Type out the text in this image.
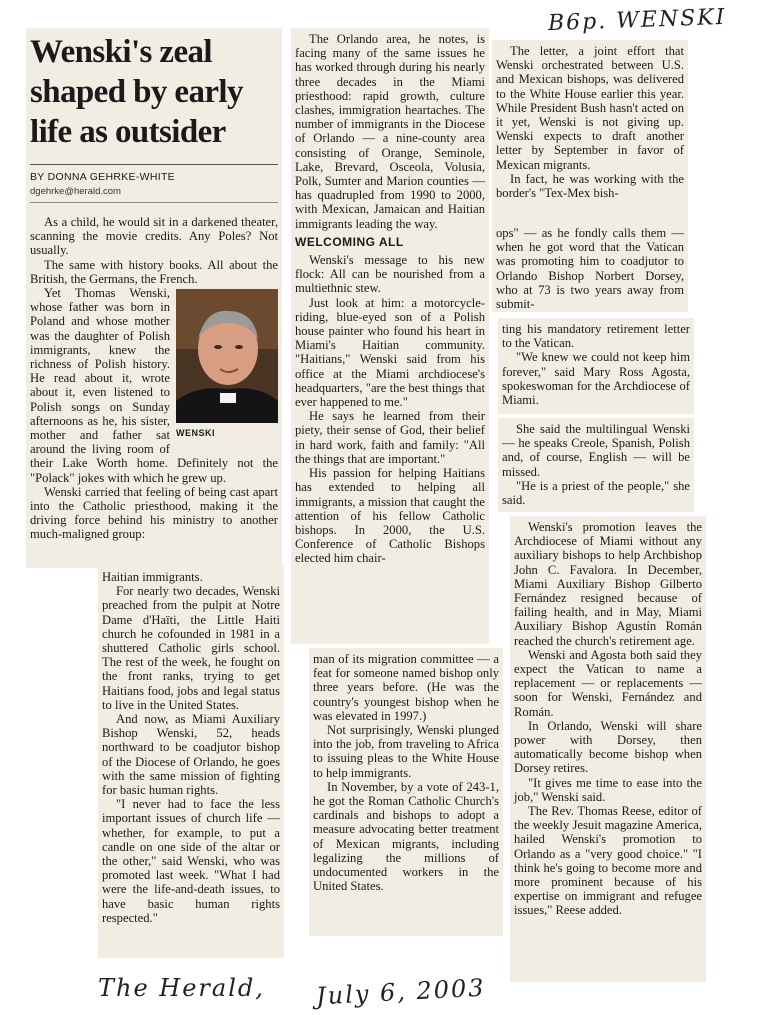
B6p. WENSKI
Wenski's zeal shaped by early life as outsider
BY DONNA GEHRKE-WHITE
dgehrke@herald.com

As a child, he would sit in a darkened theater, scanning the movie credits. Any Poles? Not usually.

The same with history books. All about the British, the Germans, the French.

WENSKI

Yet Thomas Wenski, whose father was born in Poland and whose mother was the daughter of Polish immigrants, knew the richness of Polish history. He read about it, wrote about it, even listened to Polish songs on Sunday afternoons as he, his sister, mother and father sat around the living room of their Lake Worth home. Definitely not the "Polack" jokes with which he grew up.

Wenski carried that feeling of being cast apart into the Catholic priesthood, making it the driving force behind his ministry to another much-maligned group:

Haitian immigrants.

For nearly two decades, Wenski preached from the pulpit at Notre Dame d'Haïti, the Little Haiti church he cofounded in 1981 in a shuttered Catholic girls school. The rest of the week, he fought on the front ranks, trying to get Haitians food, jobs and legal status to live in the United States.

And now, as Miami Auxiliary Bishop Wenski, 52, heads northward to be coadjutor bishop of the Diocese of Orlando, he goes with the same mission of fighting for basic human rights.

"I never had to face the less important issues of church life — whether, for example, to put a candle on one side of the altar or the other," said Wenski, who was promoted last week. "What I had were the life-and-death issues, to have basic human rights respected."

The Orlando area, he notes, is facing many of the same issues he has worked through during his nearly three decades in the Miami priesthood: rapid growth, culture clashes, immigration heartaches. The number of immigrants in the Diocese of Orlando — a nine-county area consisting of Orange, Seminole, Lake, Brevard, Osceola, Volusia, Polk, Sumter and Marion counties — has quadrupled from 1990 to 2000, with Mexican, Jamaican and Haitian immigrants leading the way.

WELCOMING ALL

Wenski's message to his new flock: All can be nourished from a multiethnic stew.

Just look at him: a motorcycle-riding, blue-eyed son of a Polish house painter who found his heart in Miami's Haitian community. "Haitians," Wenski said from his office at the Miami archdiocese's headquarters, "are the best things that ever happened to me."

He says he learned from their piety, their sense of God, their belief in hard work, faith and family: "All the things that are important."

His passion for helping Haitians has extended to helping all immigrants, a mission that caught the attention of his fellow Catholic bishops. In 2000, the U.S. Conference of Catholic Bishops elected him chair-

man of its migration committee — a feat for someone named bishop only three years before. (He was the country's youngest bishop when he was elevated in 1997.)

Not surprisingly, Wenski plunged into the job, from traveling to Africa to issuing pleas to the White House to help immigrants.

In November, by a vote of 243-1, he got the Roman Catholic Church's cardinals and bishops to adopt a measure advocating better treatment of Mexican migrants, including legalizing the millions of undocumented workers in the United States.

The letter, a joint effort that Wenski orchestrated between U.S. and Mexican bishops, was delivered to the White House earlier this year. While President Bush hasn't acted on it yet, Wenski is not giving up. Wenski expects to draft another letter by September in favor of Mexican migrants.

In fact, he was working with the border's "Tex-Mex bish-

ops" — as he fondly calls them — when he got word that the Vatican was promoting him to coadjutor to Orlando Bishop Norbert Dorsey, who at 73 is two years away from submit-

ting his mandatory retirement letter to the Vatican.

"We knew we could not keep him forever," said Mary Ross Agosta, spokeswoman for the Archdiocese of Miami.

She said the multilingual Wenski — he speaks Creole, Spanish, Polish and, of course, English — will be missed.

"He is a priest of the people," she said.

Wenski's promotion leaves the Archdiocese of Miami without any auxiliary bishops to help Archbishop John C. Favalora. In December, Miami Auxiliary Bishop Gilberto Fernández resigned because of failing health, and in May, Miami Auxiliary Bishop Agustín Román reached the church's retirement age.

Wenski and Agosta both said they expect the Vatican to name a replacement — or replacements — soon for Wenski, Fernández and Román.

In Orlando, Wenski will share power with Dorsey, then automatically become bishop when Dorsey retires.

"It gives me time to ease into the job," Wenski said.

The Rev. Thomas Reese, editor of the weekly Jesuit magazine America, hailed Wenski's promotion to Orlando as a "very good choice." "I think he's going to become more and more prominent because of his expertise on immigrant and refugee issues," Reese added.

The Herald, July 6, 2003
